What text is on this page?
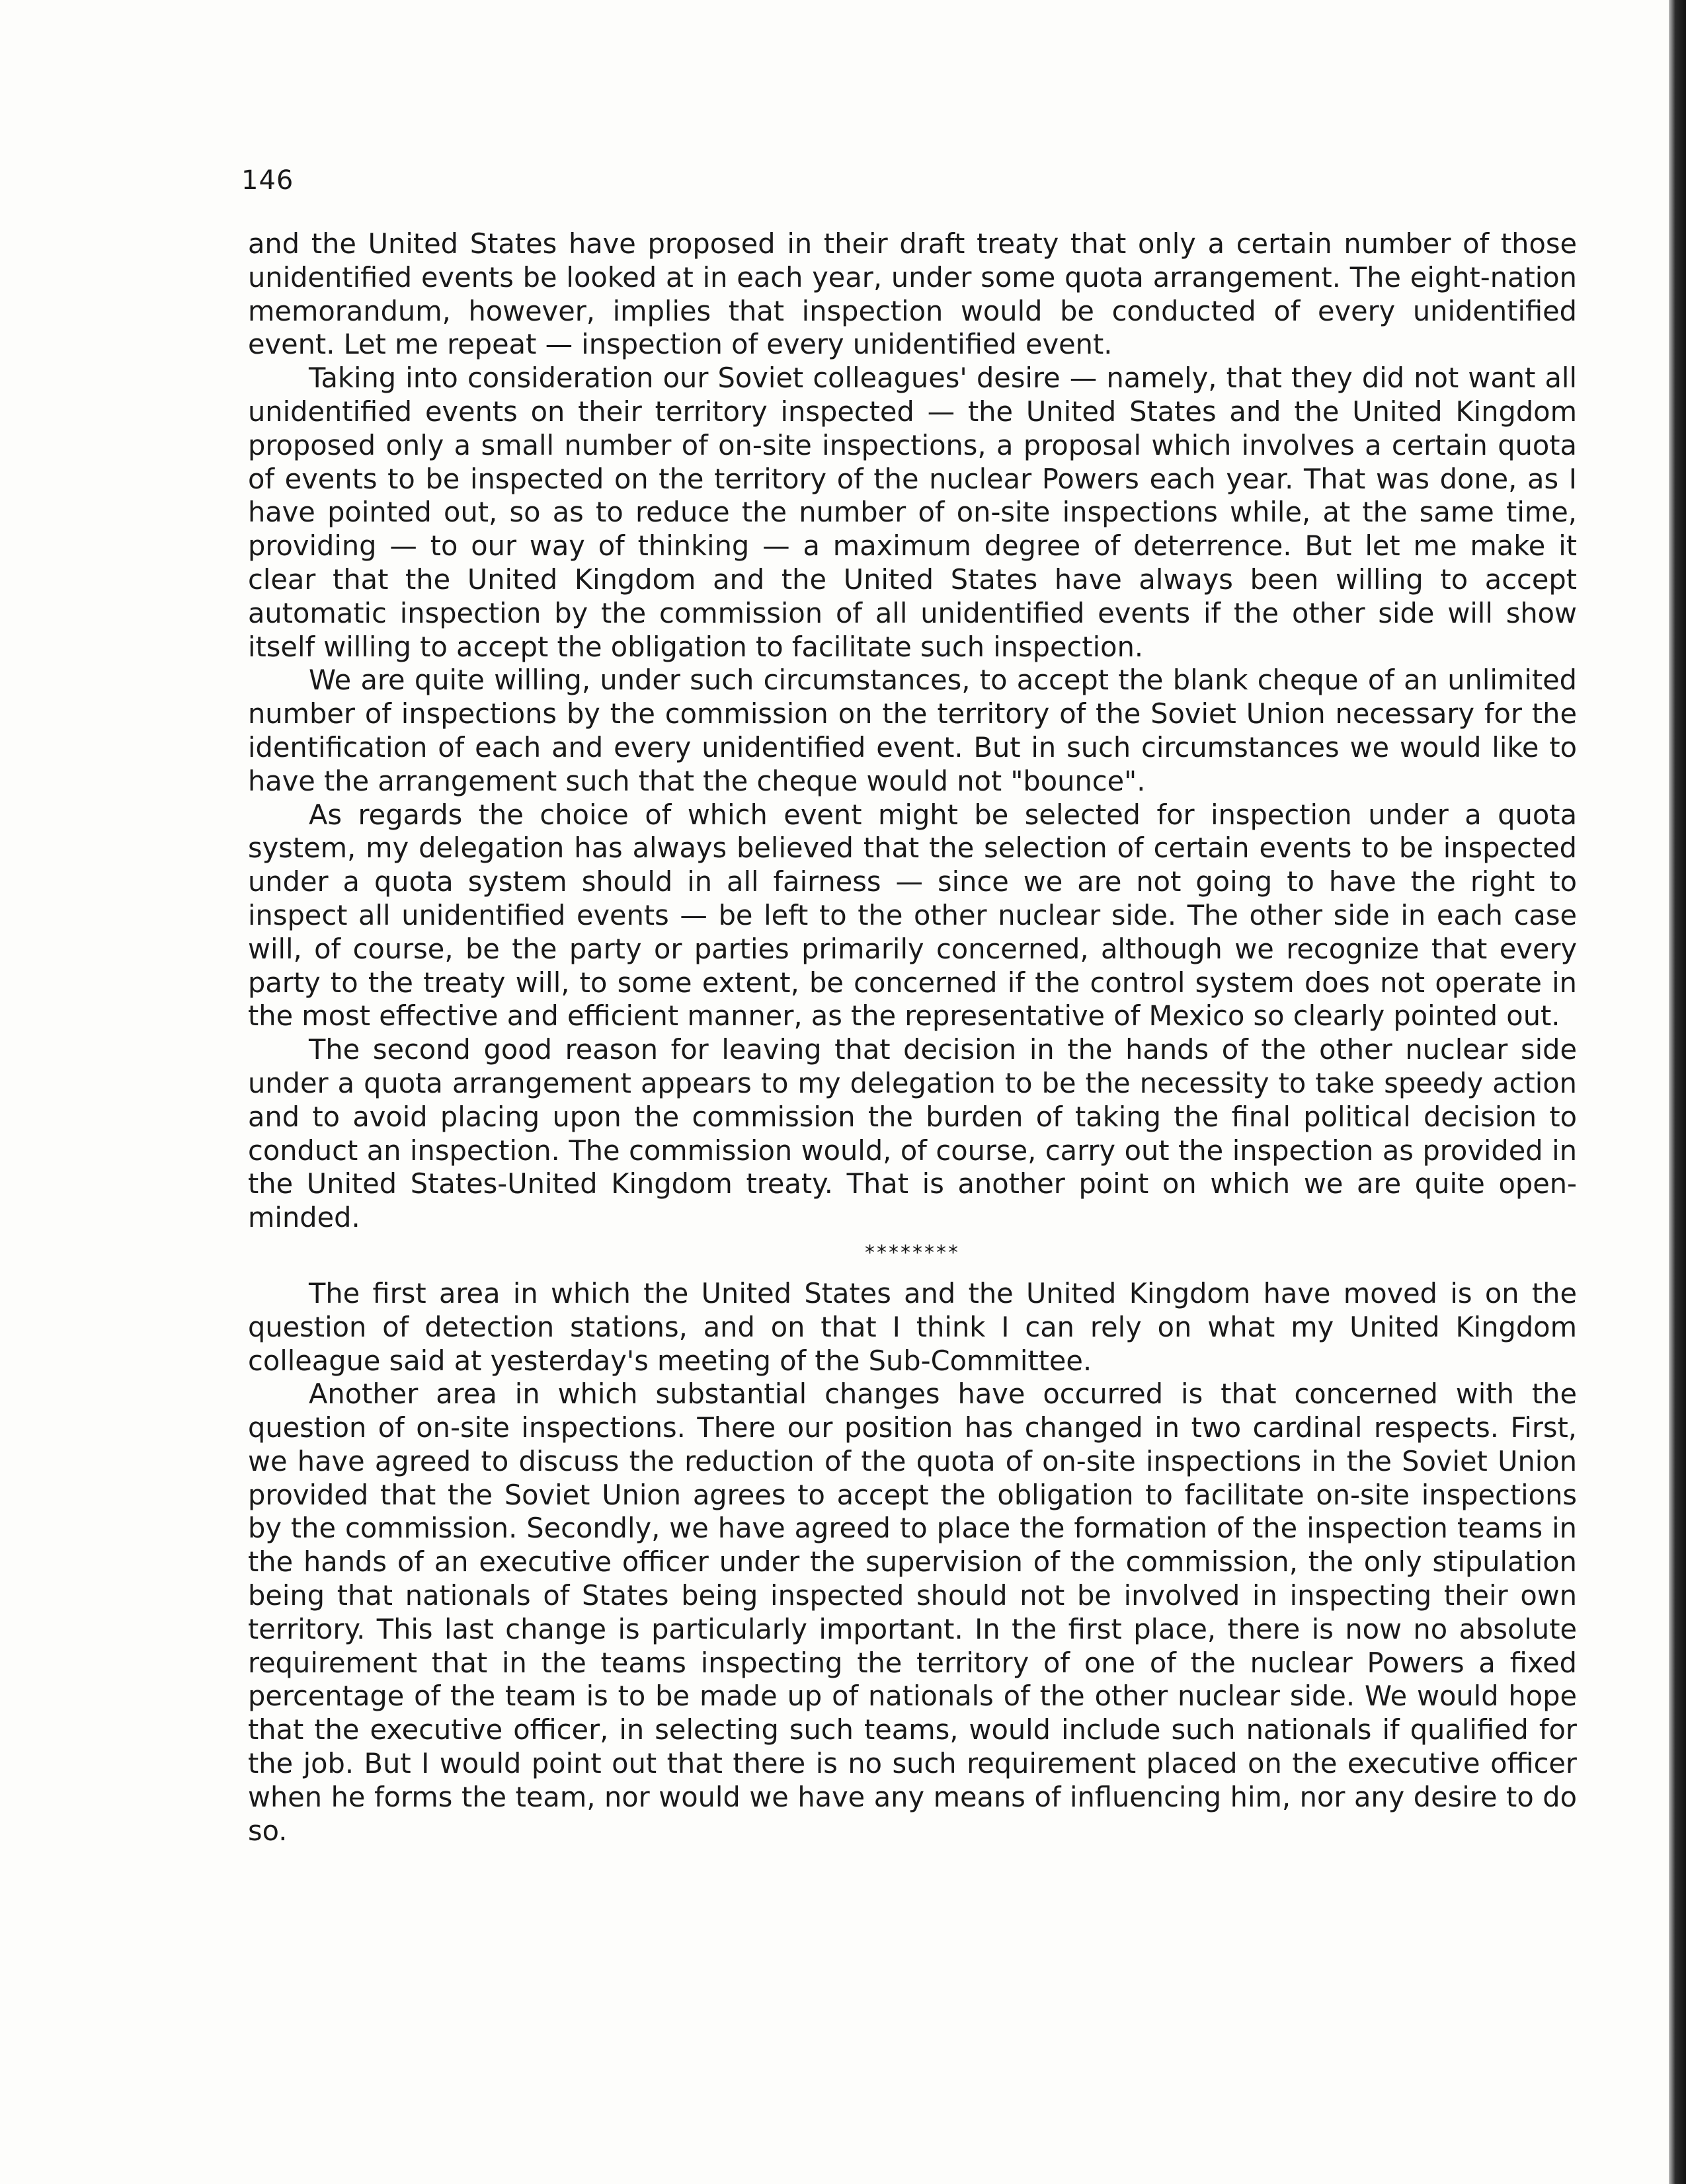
146

and the United States have proposed in their draft treaty that only a certain number of those unidentified events be looked at in each year, under some quota arrangement. The eight-nation memorandum, however, implies that inspection would be conducted of every unidentified event. Let me repeat — inspection of every unidentified event.

Taking into consideration our Soviet colleagues' desire — namely, that they did not want all unidentified events on their territory inspected — the United States and the United Kingdom proposed only a small number of on-site inspections, a proposal which involves a certain quota of events to be inspected on the territory of the nuclear Powers each year. That was done, as I have pointed out, so as to reduce the number of on-site inspections while, at the same time, providing — to our way of thinking — a maximum degree of deterrence. But let me make it clear that the United Kingdom and the United States have always been willing to accept automatic inspection by the commission of all unidentified events if the other side will show itself willing to accept the obligation to facilitate such inspection.

We are quite willing, under such circumstances, to accept the blank cheque of an unlimited number of inspections by the commission on the territory of the Soviet Union necessary for the identification of each and every unidentified event. But in such circumstances we would like to have the arrangement such that the cheque would not "bounce".

As regards the choice of which event might be selected for inspection under a quota system, my delegation has always believed that the selection of certain events to be inspected under a quota system should in all fairness — since we are not going to have the right to inspect all unidentified events — be left to the other nuclear side. The other side in each case will, of course, be the party or parties primarily concerned, although we recognize that every party to the treaty will, to some extent, be concerned if the control system does not operate in the most effective and efficient manner, as the representative of Mexico so clearly pointed out.

The second good reason for leaving that decision in the hands of the other nuclear side under a quota arrangement appears to my delegation to be the necessity to take speedy action and to avoid placing upon the commission the burden of taking the final political decision to conduct an inspection. The commission would, of course, carry out the inspection as provided in the United States-United Kingdom treaty. That is another point on which we are quite open-minded.

********

The first area in which the United States and the United Kingdom have moved is on the question of detection stations, and on that I think I can rely on what my United Kingdom colleague said at yesterday's meeting of the Sub-Committee.

Another area in which substantial changes have occurred is that concerned with the question of on-site inspections. There our position has changed in two cardinal respects. First, we have agreed to discuss the reduction of the quota of on-site inspections in the Soviet Union provided that the Soviet Union agrees to accept the obligation to facilitate on-site inspections by the commission. Secondly, we have agreed to place the formation of the inspection teams in the hands of an executive officer under the supervision of the commission, the only stipulation being that nationals of States being inspected should not be involved in inspecting their own territory. This last change is particularly important. In the first place, there is now no absolute requirement that in the teams inspecting the territory of one of the nuclear Powers a fixed percentage of the team is to be made up of nationals of the other nuclear side. We would hope that the executive officer, in selecting such teams, would include such nationals if qualified for the job. But I would point out that there is no such requirement placed on the executive officer when he forms the team, nor would we have any means of influencing him, nor any desire to do so.
